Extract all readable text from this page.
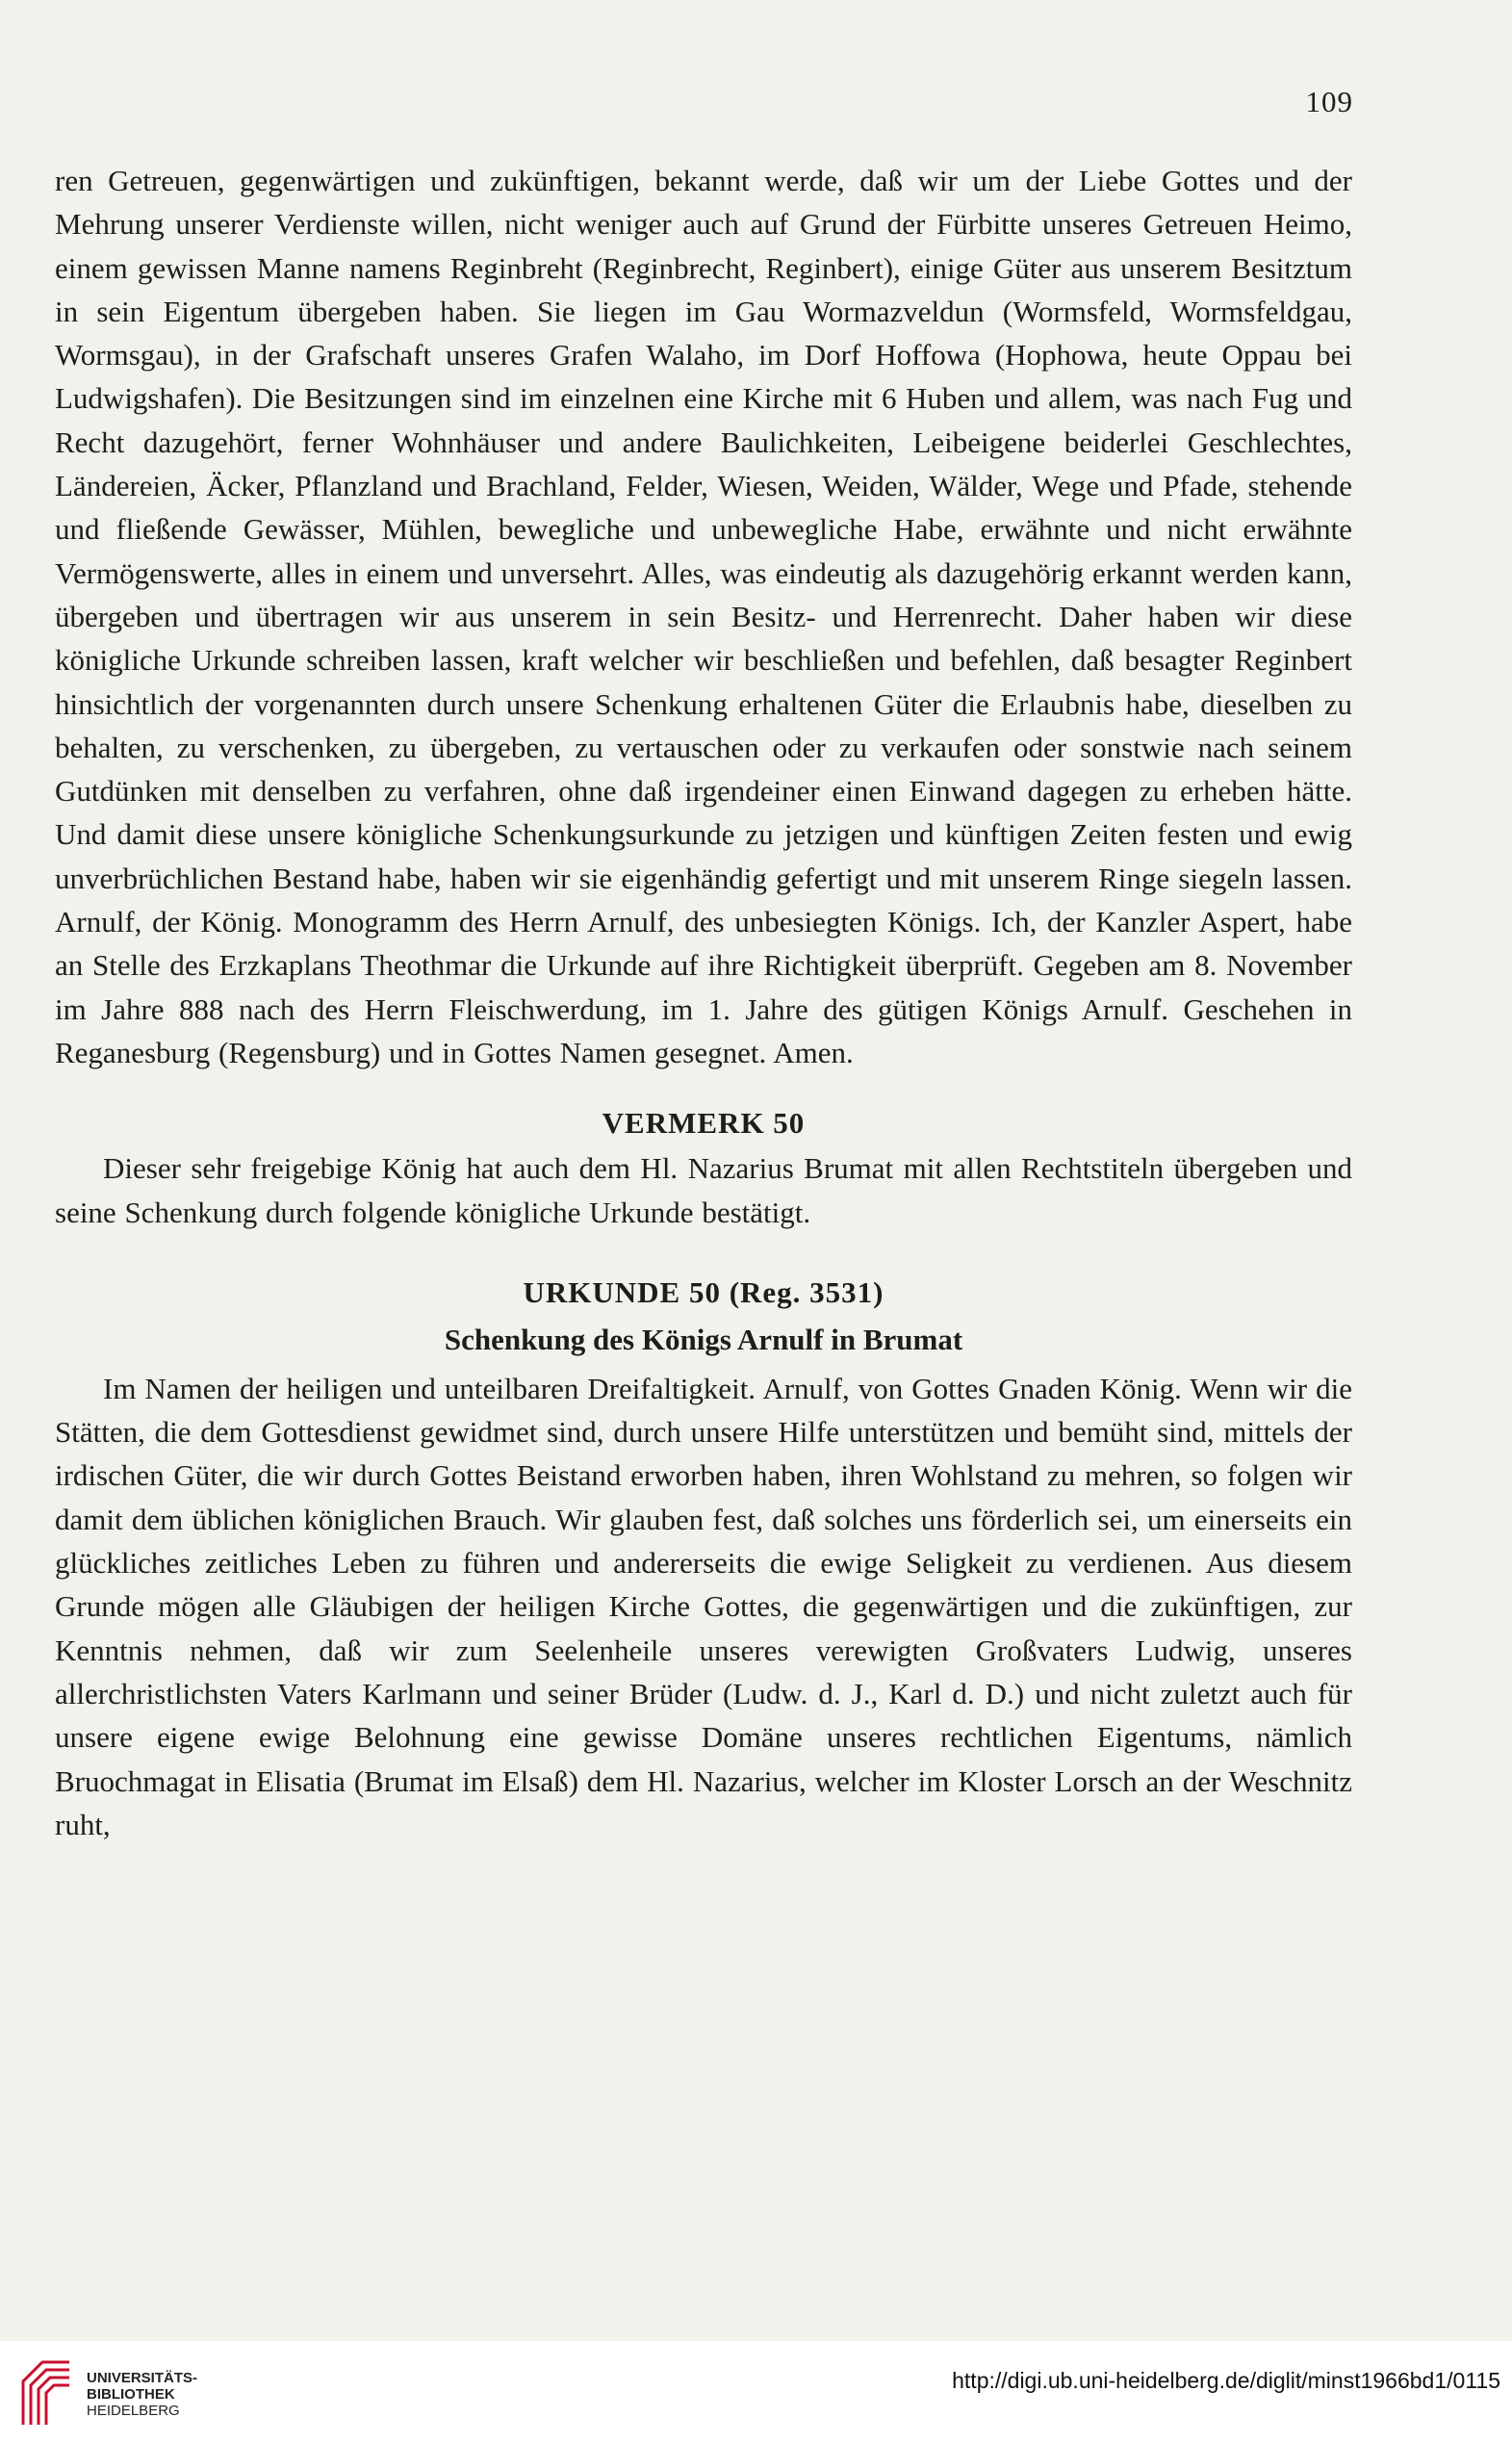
109

ren Getreuen, gegenwärtigen und zukünftigen, bekannt werde, daß wir um der Liebe Gottes und der Mehrung unserer Verdienste willen, nicht weniger auch auf Grund der Fürbitte unseres Getreuen Heimo, einem gewissen Manne namens Reginbreht (Reginbrecht, Reginbert), einige Güter aus unserem Besitztum in sein Eigentum übergeben haben. Sie liegen im Gau Wormazveldun (Wormsfeld, Wormsfeldgau, Wormsgau), in der Grafschaft unseres Grafen Walaho, im Dorf Hoffowa (Hophowa, heute Oppau bei Ludwigshafen). Die Besitzungen sind im einzelnen eine Kirche mit 6 Huben und allem, was nach Fug und Recht dazugehört, ferner Wohnhäuser und andere Baulichkeiten, Leibeigene beiderlei Geschlechtes, Ländereien, Äcker, Pflanzland und Brachland, Felder, Wiesen, Weiden, Wälder, Wege und Pfade, stehende und fließende Gewässer, Mühlen, bewegliche und unbewegliche Habe, erwähnte und nicht erwähnte Vermögenswerte, alles in einem und unversehrt. Alles, was eindeutig als dazugehörig erkannt werden kann, übergeben und übertragen wir aus unserem in sein Besitz- und Herrenrecht. Daher haben wir diese königliche Urkunde schreiben lassen, kraft welcher wir beschließen und befehlen, daß besagter Reginbert hinsichtlich der vorgenannten durch unsere Schenkung erhaltenen Güter die Erlaubnis habe, dieselben zu behalten, zu verschenken, zu übergeben, zu vertauschen oder zu verkaufen oder sonstwie nach seinem Gutdünken mit denselben zu verfahren, ohne daß irgendeiner einen Einwand dagegen zu erheben hätte. Und damit diese unsere königliche Schenkungsurkunde zu jetzigen und künftigen Zeiten festen und ewig unverbrüchlichen Bestand habe, haben wir sie eigenhändig gefertigt und mit unserem Ringe siegeln lassen. Arnulf, der König. Monogramm des Herrn Arnulf, des unbesiegten Königs. Ich, der Kanzler Aspert, habe an Stelle des Erzkaplans Theothmar die Urkunde auf ihre Richtigkeit überprüft. Gegeben am 8. November im Jahre 888 nach des Herrn Fleischwerdung, im 1. Jahre des gütigen Königs Arnulf. Geschehen in Reganesburg (Regensburg) und in Gottes Namen gesegnet. Amen.

VERMERK 50

Dieser sehr freigebige König hat auch dem Hl. Nazarius Brumat mit allen Rechtstiteln übergeben und seine Schenkung durch folgende königliche Urkunde bestätigt.

URKUNDE 50 (Reg. 3531)
Schenkung des Königs Arnulf in Brumat

Im Namen der heiligen und unteilbaren Dreifaltigkeit. Arnulf, von Gottes Gnaden König. Wenn wir die Stätten, die dem Gottesdienst gewidmet sind, durch unsere Hilfe unterstützen und bemüht sind, mittels der irdischen Güter, die wir durch Gottes Beistand erworben haben, ihren Wohlstand zu mehren, so folgen wir damit dem üblichen königlichen Brauch. Wir glauben fest, daß solches uns förderlich sei, um einerseits ein glückliches zeitliches Leben zu führen und andererseits die ewige Seligkeit zu verdienen. Aus diesem Grunde mögen alle Gläubigen der heiligen Kirche Gottes, die gegenwärtigen und die zukünftigen, zur Kenntnis nehmen, daß wir zum Seelenheile unseres verewigten Großvaters Ludwig, unseres allerchristlichsten Vaters Karlmann und seiner Brüder (Ludw. d. J., Karl d. D.) und nicht zuletzt auch für unsere eigene ewige Belohnung eine gewisse Domäne unseres rechtlichen Eigentums, nämlich Bruochmagat in Elisatia (Brumat im Elsaß) dem Hl. Nazarius, welcher im Kloster Lorsch an der Weschnitz ruht,

UNIVERSITÄTS-
BIBLIOTHEK
HEIDELBERG
http://digi.ub.uni-heidelberg.de/diglit/minst1966bd1/0115
